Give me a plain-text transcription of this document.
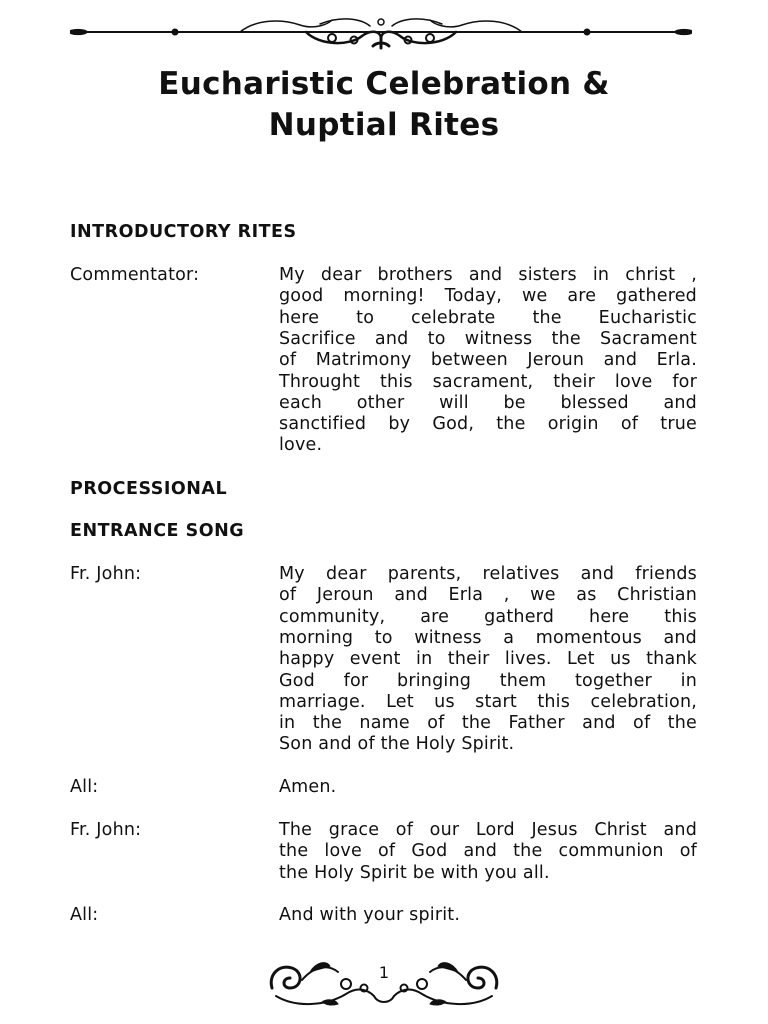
Eucharistic Celebration &
Nuptial Rites
INTRODUCTORY RITES
Commentator:	My dear brothers and sisters in christ ,
good morning! Today, we are gathered
here to celebrate the Eucharistic
Sacrifice and to witness the Sacrament
of Matrimony between Jeroun and Erla.
Throught this sacrament, their love for
each other will be blessed and
sanctified by God, the origin of true
love.
PROCESSIONAL
ENTRANCE SONG
Fr. John:	My dear parents, relatives and friends
of Jeroun and Erla , we as Christian
community, are gatherd here this
morning to witness a momentous and
happy event in their lives. Let us thank
God for bringing them together in
marriage. Let us start this celebration,
in the name of the Father and of the
Son and of the Holy Spirit.
All:	Amen.
Fr. John:	The grace of our Lord Jesus Christ and
the love of God and the communion of
the Holy Spirit be with you all.
All:	And with your spirit.
1
